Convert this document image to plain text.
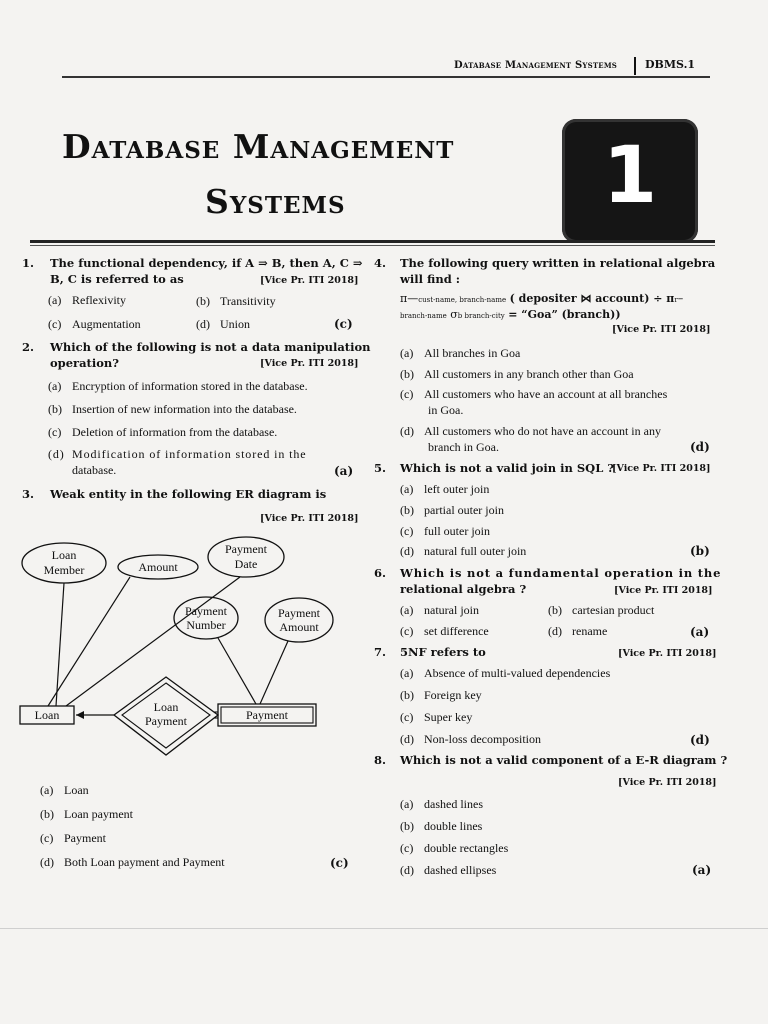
Database Management Systems	DBMS.1
Database Management
Systems	1
1. The functional dependency, if A ⇒ B, then A, C ⇒
B, C is referred to as	[Vice Pr. ITI 2018]
(a) Reflexivity	(b) Transitivity
(c) Augmentation	(d) Union	(c)
2. Which of the following is not a data manipulation
operation?	[Vice Pr. ITI 2018]
(a) Encryption of information stored in the database.
(b) Insertion of new information into the database.
(c) Deletion of information from the database.
(d) Modification of information stored in the
database.	(a)
3. Weak entity in the following ER diagram is
[Vice Pr. ITI 2018]
Loan
Member	Amount
Payment
Date
Payment
Number
Payment
Amount
Loan	Payment
Loan
Payment
(a) Loan
(b) Loan payment
(c) Payment
(d) Both Loan payment and Payment	(c)
4. The following query written in relational algebra
will find :
π—cust-name, branch-name ( depositer ⋈ account) ÷ πr–
branch-name σb branch-city = “Goa” (branch))
[Vice Pr. ITI 2018]
(a) All branches in Goa
(b) All customers in any branch other than Goa
(c) All customers who have an account at all branches
in Goa.
(d) All customers who do not have an account in any
branch in Goa.	(d)
5. Which is not a valid join in SQL ?
[Vice Pr. ITI 2018]
(a) left outer join
(b) partial outer join
(c) full outer join
(d) natural full outer join	(b)
6. Which is not a fundamental operation in the
relational algebra ?	[Vice Pr. ITI 2018]
(a) natural join	(b) cartesian product
(c) set difference	(d) rename	(a)
7. 5NF refers to	[Vice Pr. ITI 2018]
(a) Absence of multi-valued dependencies
(b) Foreign key
(c) Super key
(d) Non-loss decomposition	(d)
8. Which is not a valid component of a E-R diagram ?
[Vice Pr. ITI 2018]
(a) dashed lines
(b) double lines
(c) double rectangles
(d) dashed ellipses	(a)
